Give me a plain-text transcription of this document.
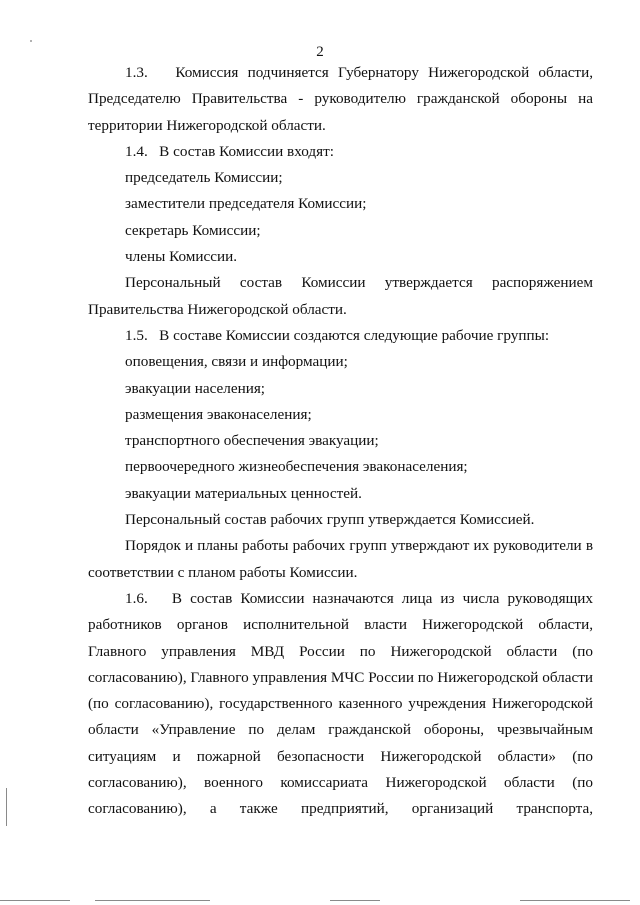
2

1.3.   Комиссия подчиняется Губернатору Нижегородской области, Председателю Правительства - руководителю гражданской обороны на территории Нижегородской области.

1.4.   В состав Комиссии входят:

председатель Комиссии;

заместители председателя Комиссии;

секретарь Комиссии;

члены Комиссии.

Персональный состав Комиссии утверждается распоряжением Правительства Нижегородской области.

1.5.   В составе Комиссии создаются следующие рабочие группы:

оповещения, связи и информации;

эвакуации населения;

размещения эваконаселения;

транспортного обеспечения эвакуации;

первоочередного жизнеобеспечения эваконаселения;

эвакуации материальных ценностей.

Персональный состав рабочих групп утверждается Комиссией.

Порядок и планы работы рабочих групп утверждают их руководители в соответствии с планом работы Комиссии.

1.6.   В состав Комиссии назначаются лица из числа руководящих работников органов исполнительной власти Нижегородской области, Главного управления МВД России по Нижегородской области (по согласованию), Главного управления МЧС России по Нижегородской области (по согласованию), государственного казенного учреждения Нижегородской области «Управление по делам гражданской обороны, чрезвычайным ситуациям и пожарной безопасности Нижегородской области» (по согласованию), военного комиссариата Нижегородской области (по согласованию), а также предприятий, организаций транспорта,
